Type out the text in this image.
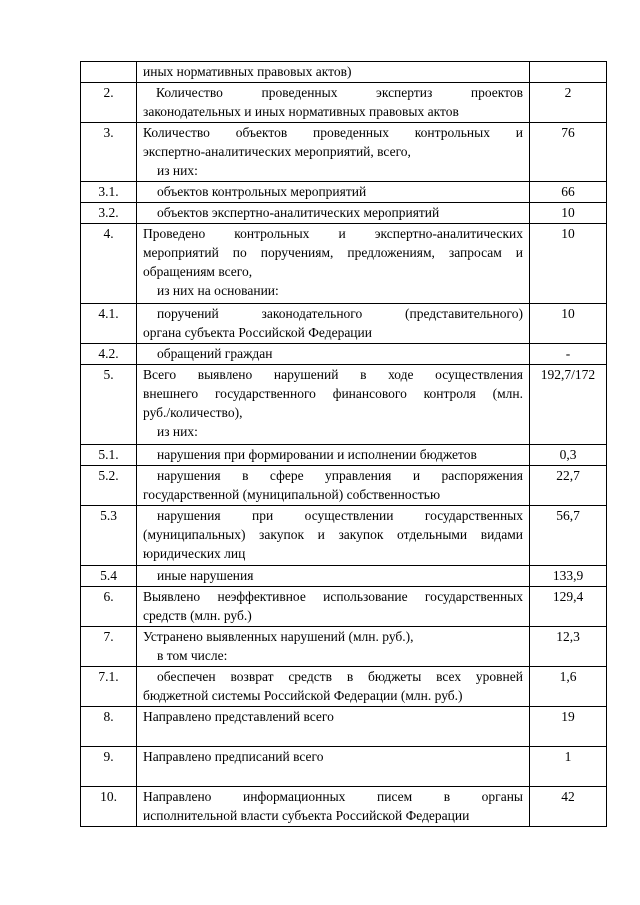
	иных нормативных правовых актов)	

2.	Количество проведенных экспертиз проектов
законодательных и иных нормативных правовых актов	2
3.	Количество объектов проведенных контрольных и
экспертно-аналитических мероприятий, всего,
из них:	76
3.1.	объектов контрольных мероприятий	66
3.2.	объектов экспертно-аналитических мероприятий	10
4.	Проведено контрольных и экспертно-аналитических
мероприятий по поручениям, предложениям, запросам и
обращениям всего,
из них на основании:	10
4.1.	поручений законодательного (представительного)
органа субъекта Российской Федерации	10
4.2.	обращений граждан	-
5.	Всего выявлено нарушений в ходе осуществления
внешнего государственного финансового контроля (млн.
руб./количество),
из них:	192,7/172
5.1.	нарушения при формировании и исполнении бюджетов	0,3
5.2.	нарушения в сфере управления и распоряжения
государственной (муниципальной) собственностью	22,7
5.3	нарушения при осуществлении государственных
(муниципальных) закупок и закупок отдельными видами
юридических лиц	56,7
5.4	иные нарушения	133,9
6.	Выявлено неэффективное использование государственных
средств (млн. руб.)	129,4
7.	Устранено выявленных нарушений (млн. руб.),
в том числе:	12,3
7.1.	обеспечен возврат средств в бюджеты всех уровней
бюджетной системы Российской Федерации (млн. руб.)	1,6
8.	Направлено представлений всего	19
9.	Направлено предписаний всего	1
10.	Направлено информационных писем в органы
исполнительной власти субъекта Российской Федерации	42
